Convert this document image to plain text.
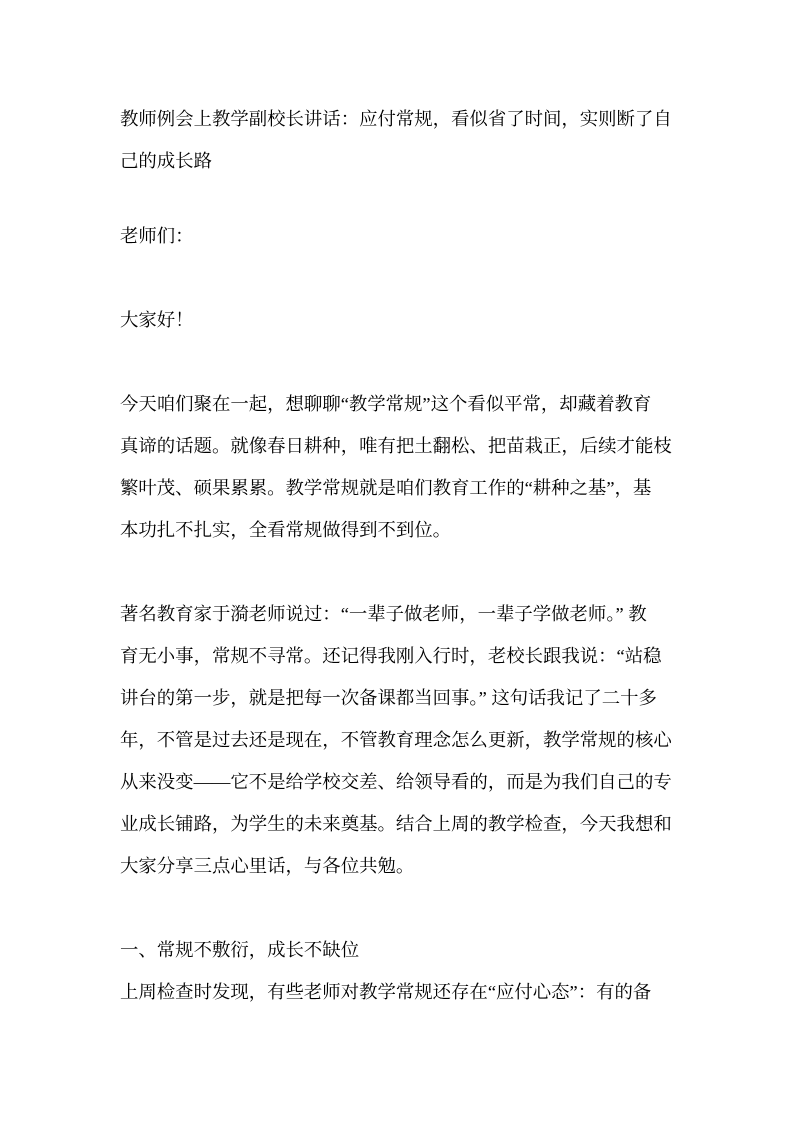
教师例会上教学副校长讲话：应付常规，看似省了时间，实则断了自
己的成长路

老师们：

大家好！

今天咱们聚在一起，想聊聊“教学常规”这个看似平常，却藏着教育
真谛的话题。就像春日耕种，唯有把土翻松、把苗栽正，后续才能枝
繁叶茂、硕果累累。教学常规就是咱们教育工作的“耕种之基”，基
本功扎不扎实，全看常规做得到不到位。

著名教育家于漪老师说过：“一辈子做老师，一辈子学做老师。” 教
育无小事，常规不寻常。还记得我刚入行时，老校长跟我说：“站稳
讲台的第一步，就是把每一次备课都当回事。” 这句话我记了二十多
年，不管是过去还是现在，不管教育理念怎么更新，教学常规的核心
从来没变——它不是给学校交差、给领导看的，而是为我们自己的专
业成长铺路，为学生的未来奠基。结合上周的教学检查，今天我想和
大家分享三点心里话，与各位共勉。

一、常规不敷衍，成长不缺位

上周检查时发现，有些老师对教学常规还存在“应付心态”：有的备
